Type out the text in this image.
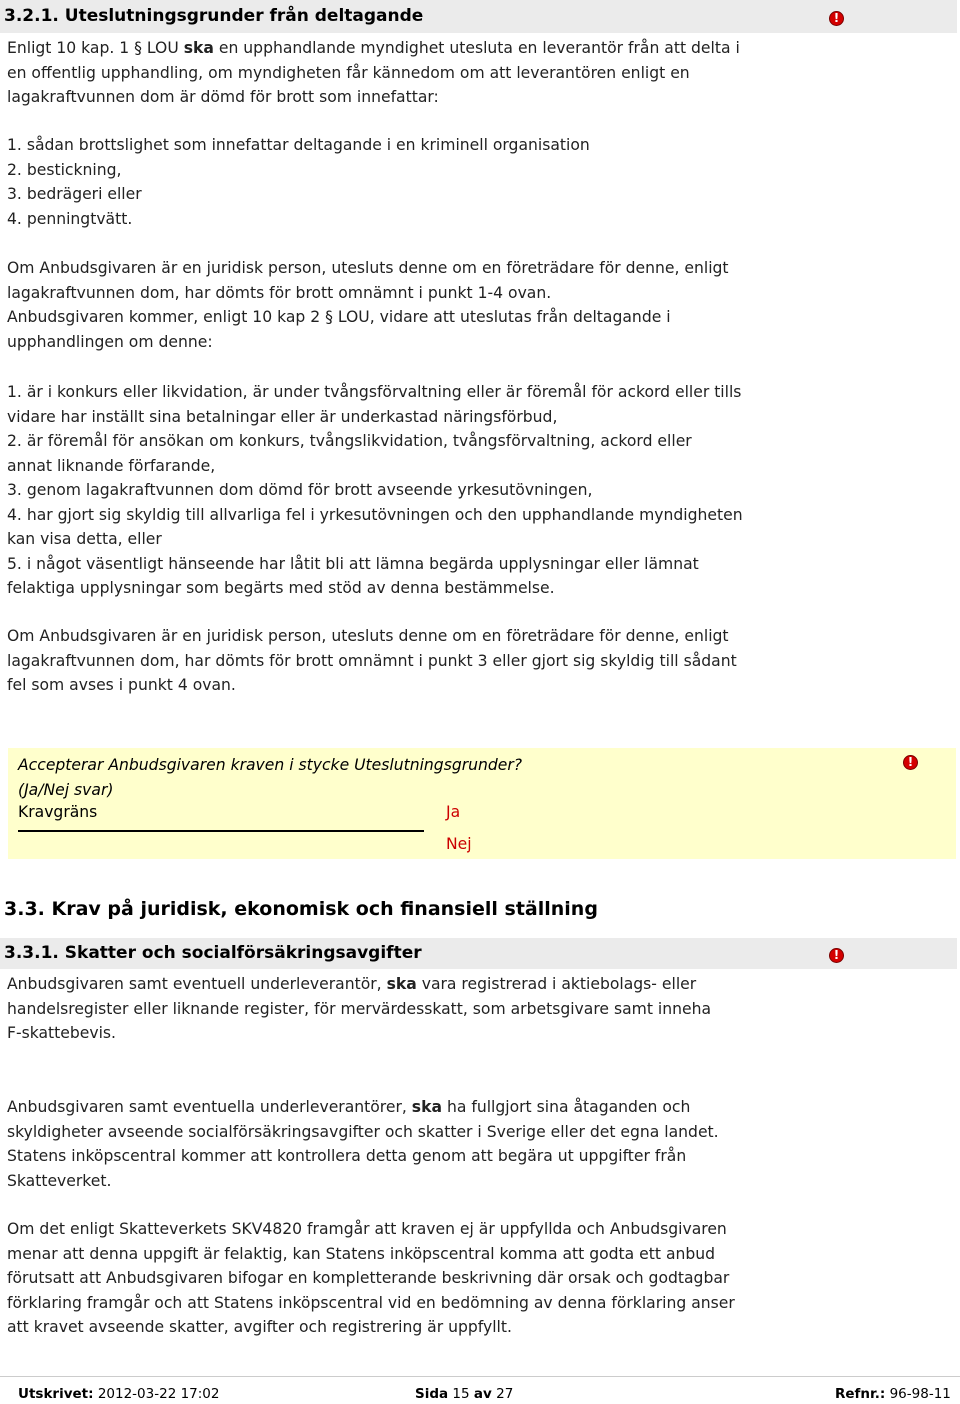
3.2.1. Uteslutningsgrunder från deltagande	!
Enligt 10 kap. 1 § LOU ska en upphandlande myndighet utesluta en leverantör från att delta i
en offentlig upphandling, om myndigheten får kännedom om att leverantören enligt en
lagakraftvunnen dom är dömd för brott som innefattar:
1. sådan brottslighet som innefattar deltagande i en kriminell organisation
2. bestickning,
3. bedrägeri eller
4. penningtvätt.
Om Anbudsgivaren är en juridisk person, utesluts denne om en företrädare för denne, enligt
lagakraftvunnen dom, har dömts för brott omnämnt i punkt 1-4 ovan.
Anbudsgivaren kommer, enligt 10 kap 2 § LOU, vidare att uteslutas från deltagande i
upphandlingen om denne:
1. är i konkurs eller likvidation, är under tvångsförvaltning eller är föremål för ackord eller tills
vidare har inställt sina betalningar eller är underkastad näringsförbud,
2. är föremål för ansökan om konkurs, tvångslikvidation, tvångsförvaltning, ackord eller
annat liknande förfarande,
3. genom lagakraftvunnen dom dömd för brott avseende yrkesutövningen,
4. har gjort sig skyldig till allvarliga fel i yrkesutövningen och den upphandlande myndigheten
kan visa detta, eller
5. i något väsentligt hänseende har låtit bli att lämna begärda upplysningar eller lämnat
felaktiga upplysningar som begärts med stöd av denna bestämmelse.
Om Anbudsgivaren är en juridisk person, utesluts denne om en företrädare för denne, enligt
lagakraftvunnen dom, har dömts för brott omnämnt i punkt 3 eller gjort sig skyldig till sådant
fel som avses i punkt 4 ovan.
Accepterar Anbudsgivaren kraven i stycke Uteslutningsgrunder?
(Ja/Nej svar)
Kravgräns	Ja
Nej
!
3.3. Krav på juridisk, ekonomisk och finansiell ställning
3.3.1. Skatter och socialförsäkringsavgifter	!
Anbudsgivaren samt eventuell underleverantör, ska vara registrerad i aktiebolags- eller
handelsregister eller liknande register, för mervärdesskatt, som arbetsgivare samt inneha
F-skattebevis.
Anbudsgivaren samt eventuella underleverantörer, ska ha fullgjort sina åtaganden och
skyldigheter avseende socialförsäkringsavgifter och skatter i Sverige eller det egna landet.
Statens inköpscentral kommer att kontrollera detta genom att begära ut uppgifter från
Skatteverket.
Om det enligt Skatteverkets SKV4820 framgår att kraven ej är uppfyllda och Anbudsgivaren
menar att denna uppgift är felaktig, kan Statens inköpscentral komma att godta ett anbud
förutsatt att Anbudsgivaren bifogar en kompletterande beskrivning där orsak och godtagbar
förklaring framgår och att Statens inköpscentral vid en bedömning av denna förklaring anser
att kravet avseende skatter, avgifter och registrering är uppfyllt.
Utskrivet: 2012-03-22 17:02	Sida 15 av 27	Refnr.: 96-98-11
